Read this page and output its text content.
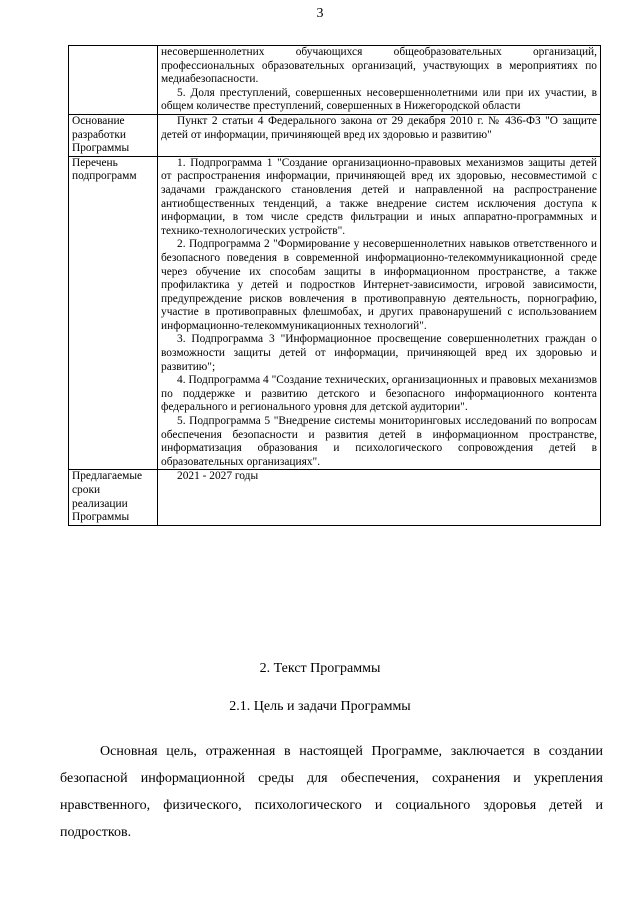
3

	несовершеннолетних обучающихся общеобразовательных организаций, профессиональных образовательных организаций, участвующих в мероприятиях по медиабезопасности.

5. Доля преступлений, совершенных несовершеннолетними или при их участии, в общем количестве преступлений, совершенных в Нижегородской области

Основание разработки Программы	Пункт 2 статьи 4 Федерального закона от 29 декабря 2010 г. № 436-ФЗ "О защите детей от информации, причиняющей вред их здоровью и развитию"

Перечень подпрограмм	1. Подпрограмма 1 "Создание организационно-правовых механизмов защиты детей от распространения информации, причиняющей вред их здоровью, несовместимой с задачами гражданского становления детей и направленной на распространение антиобщественных тенденций, а также внедрение систем исключения доступа к информации, в том числе средств фильтрации и иных аппаратно-программных и технико-технологических устройств".

2. Подпрограмма 2 "Формирование у несовершеннолетних навыков ответственного и безопасного поведения в современной информационно-телекоммуникационной среде через обучение их способам защиты в информационном пространстве, а также профилактика у детей и подростков Интернет-зависимости, игровой зависимости, предупреждение рисков вовлечения в противоправную деятельность, порнографию, участие в противоправных флешмобах, и других правонарушений с использованием информационно-телекоммуникационных технологий".

3. Подпрограмма 3 "Информационное просвещение совершеннолетних граждан о возможности защиты детей от информации, причиняющей вред их здоровью и развитию";

4. Подпрограмма 4 "Создание технических, организационных и правовых механизмов по поддержке и развитию детского и безопасного информационного контента федерального и регионального уровня для детской аудитории".

5. Подпрограмма 5 "Внедрение системы мониторинговых исследований по вопросам обеспечения безопасности и развития детей в информационном пространстве, информатизация образования и психологического сопровождения детей в образовательных организациях".

Предлагаемые сроки реализации Программы	2021 - 2027 годы

2. Текст Программы
2.1. Цель и задачи Программы

Основная цель, отраженная в настоящей Программе, заключается в создании безопасной информационной среды для обеспечения, сохранения и укрепления нравственного, физического, психологического и социального здоровья детей и подростков.
